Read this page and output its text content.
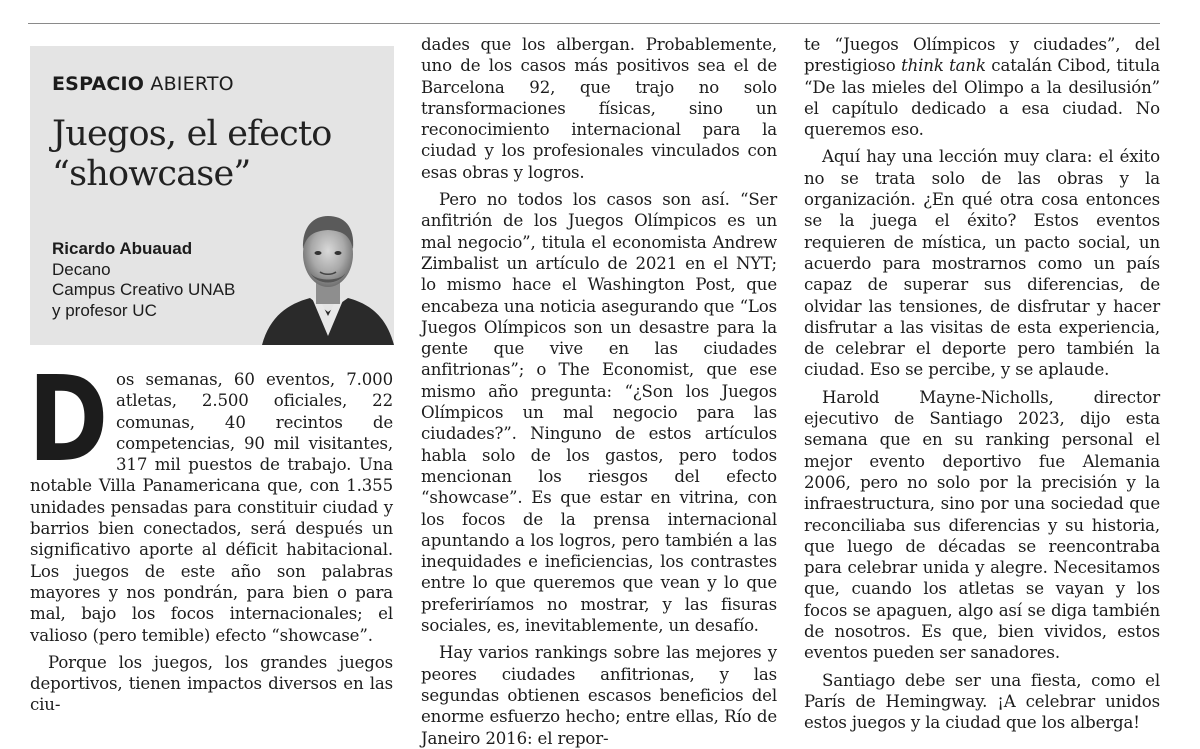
ESPACIO ABIERTO
Juegos, el efecto
“showcase”
Ricardo Abuauad
Decano
Campus Creativo UNAB
y profesor UC

Dos semanas, 60 eventos, 7.000 atletas, 2.500 oficiales, 22 comunas, 40 recintos de competencias, 90 mil visitantes, 317 mil puestos de trabajo. Una notable Villa Panamericana que, con 1.355 unidades pensadas para constituir ciudad y barrios bien conectados, será después un significativo aporte al déficit habitacional. Los juegos de este año son palabras mayores y nos pondrán, para bien o para mal, bajo los focos internacionales; el valioso (pero temible) efecto “showcase”.

Porque los juegos, los grandes juegos deportivos, tienen impactos diversos en las ciu-

dades que los albergan. Probablemente, uno de los casos más positivos sea el de Barcelona 92, que trajo no solo transformaciones físicas, sino un reconocimiento internacional para la ciudad y los profesionales vinculados con esas obras y logros.

Pero no todos los casos son así. “Ser anfitrión de los Juegos Olímpicos es un mal negocio”, titula el economista Andrew Zimbalist un artículo de 2021 en el NYT; lo mismo hace el Washington Post, que encabeza una noticia asegurando que “Los Juegos Olímpicos son un desastre para la gente que vive en las ciudades anfitrionas”; o The Economist, que ese mismo año pregunta: “¿Son los Juegos Olímpicos un mal negocio para las ciudades?”. Ninguno de estos artículos habla solo de los gastos, pero todos mencionan los riesgos del efecto “showcase”. Es que estar en vitrina, con los focos de la prensa internacional apuntando a los logros, pero también a las inequidades e ineficiencias, los contrastes entre lo que queremos que vean y lo que preferiríamos no mostrar, y las fisuras sociales, es, inevitablemente, un desafío.

Hay varios rankings sobre las mejores y peores ciudades anfitrionas, y las segundas obtienen escasos beneficios del enorme esfuerzo hecho; entre ellas, Río de Janeiro 2016: el repor-

te “Juegos Olímpicos y ciudades”, del prestigioso think tank catalán Cibod, titula “De las mieles del Olimpo a la desilusión” el capítulo dedicado a esa ciudad. No queremos eso.

Aquí hay una lección muy clara: el éxito no se trata solo de las obras y la organización. ¿En qué otra cosa entonces se la juega el éxito? Estos eventos requieren de mística, un pacto social, un acuerdo para mostrarnos como un país capaz de superar sus diferencias, de olvidar las tensiones, de disfrutar y hacer disfrutar a las visitas de esta experiencia, de celebrar el deporte pero también la ciudad. Eso se percibe, y se aplaude.

Harold Mayne-Nicholls, director ejecutivo de Santiago 2023, dijo esta semana que en su ranking personal el mejor evento deportivo fue Alemania 2006, pero no solo por la precisión y la infraestructura, sino por una sociedad que reconciliaba sus diferencias y su historia, que luego de décadas se reencontraba para celebrar unida y alegre. Necesitamos que, cuando los atletas se vayan y los focos se apaguen, algo así se diga también de nosotros. Es que, bien vividos, estos eventos pueden ser sanadores.

Santiago debe ser una fiesta, como el París de Hemingway. ¡A celebrar unidos estos juegos y la ciudad que los alberga!
